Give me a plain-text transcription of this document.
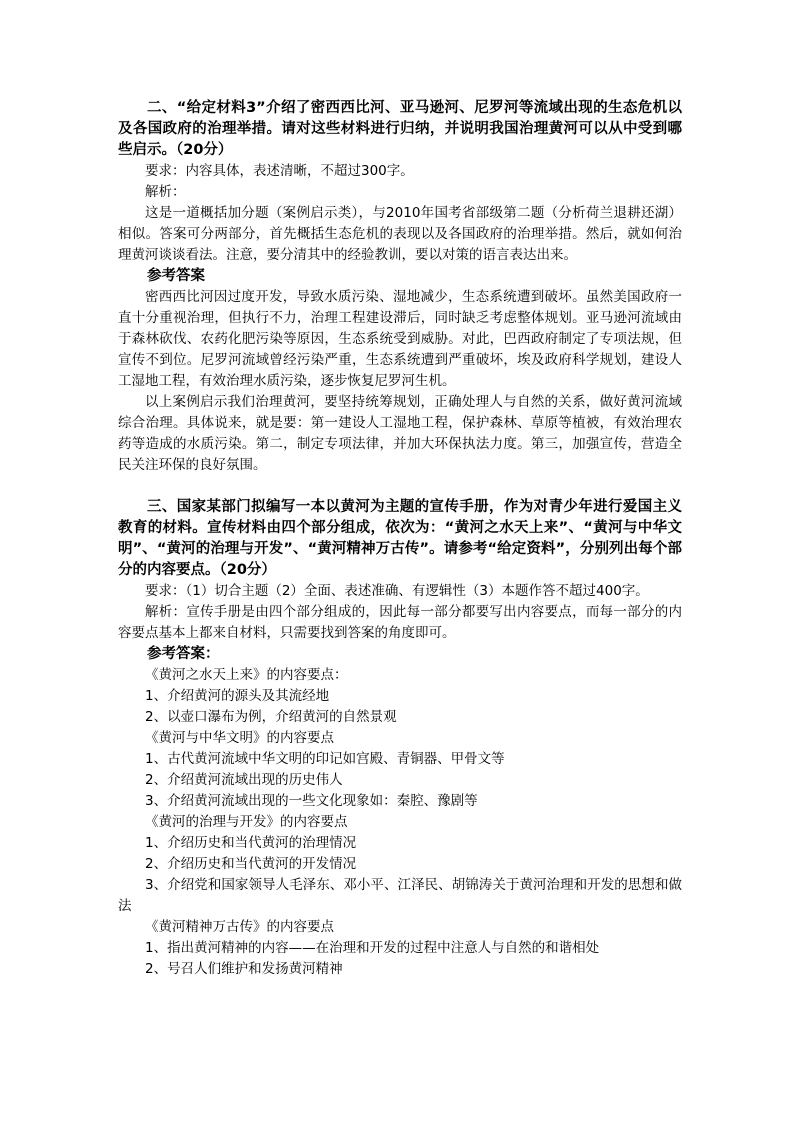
二、“给定材料3”介绍了密西西比河、亚马逊河、尼罗河等流域出现的生态危机以及各国政府的治理举措。请对这些材料进行归纳，并说明我国治理黄河可以从中受到哪些启示。（20分）

要求：内容具体，表述清晰，不超过300字。

解析：

这是一道概括加分题（案例启示类），与2010年国考省部级第二题（分析荷兰退耕还湖）相似。答案可分两部分，首先概括生态危机的表现以及各国政府的治理举措。然后，就如何治理黄河谈谈看法。注意，要分清其中的经验教训，要以对策的语言表达出来。

参考答案

密西西比河因过度开发，导致水质污染、湿地减少，生态系统遭到破坏。虽然美国政府一直十分重视治理，但执行不力，治理工程建设滞后，同时缺乏考虑整体规划。亚马逊河流域由于森林砍伐、农药化肥污染等原因，生态系统受到威胁。对此，巴西政府制定了专项法规，但宣传不到位。尼罗河流域曾经污染严重，生态系统遭到严重破坏，埃及政府科学规划，建设人工湿地工程，有效治理水质污染，逐步恢复尼罗河生机。

以上案例启示我们治理黄河，要坚持统筹规划，正确处理人与自然的关系，做好黄河流域综合治理。具体说来，就是要：第一建设人工湿地工程，保护森林、草原等植被，有效治理农药等造成的水质污染。第二，制定专项法律，并加大环保执法力度。第三，加强宣传，营造全民关注环保的良好氛围。

三、国家某部门拟编写一本以黄河为主题的宣传手册，作为对青少年进行爱国主义教育的材料。宣传材料由四个部分组成，依次为：“黄河之水天上来”、“黄河与中华文明”、“黄河的治理与开发”、“黄河精神万古传”。请参考“给定资料”，分别列出每个部分的内容要点。（20分）

要求：（1）切合主题（2）全面、表述准确、有逻辑性（3）本题作答不超过400字。

解析：宣传手册是由四个部分组成的，因此每一部分都要写出内容要点，而每一部分的内容要点基本上都来自材料，只需要找到答案的角度即可。

参考答案：

《黄河之水天上来》的内容要点：

1、介绍黄河的源头及其流经地

2、以壶口瀑布为例，介绍黄河的自然景观

《黄河与中华文明》的内容要点

1、古代黄河流域中华文明的印记如宫殿、青铜器、甲骨文等

2、介绍黄河流域出现的历史伟人

3、介绍黄河流域出现的一些文化现象如：秦腔、豫剧等

《黄河的治理与开发》的内容要点

1、介绍历史和当代黄河的治理情况

2、介绍历史和当代黄河的开发情况

3、介绍党和国家领导人毛泽东、邓小平、江泽民、胡锦涛关于黄河治理和开发的思想和做法

《黄河精神万古传》的内容要点

1、指出黄河精神的内容——在治理和开发的过程中注意人与自然的和谐相处

2、号召人们维护和发扬黄河精神
